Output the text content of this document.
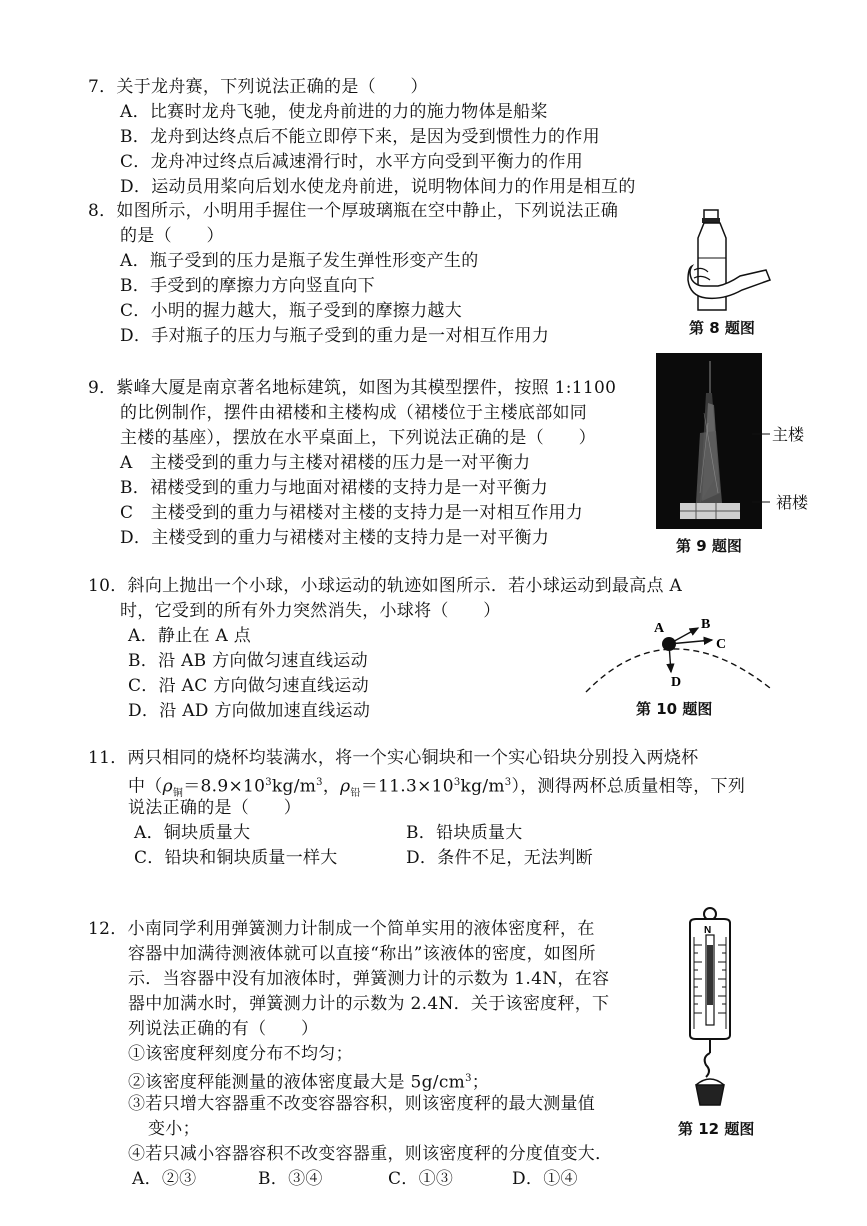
7．关于龙舟赛，下列说法正确的是（　　）
A．比赛时龙舟飞驰，使龙舟前进的力的施力物体是船桨
B．龙舟到达终点后不能立即停下来，是因为受到惯性力的作用
C．龙舟冲过终点后减速滑行时，水平方向受到平衡力的作用
D．运动员用桨向后划水使龙舟前进，说明物体间力的作用是相互的
8．如图所示，小明用手握住一个厚玻璃瓶在空中静止，下列说法正确
的是（　　）
A．瓶子受到的压力是瓶子发生弹性形变产生的
B．手受到的摩擦力方向竖直向下
C．小明的握力越大，瓶子受到的摩擦力越大
D．手对瓶子的压力与瓶子受到的重力是一对相互作用力	第 8 题图
9．紫峰大厦是南京著名地标建筑，如图为其模型摆件，按照 1:1100
的比例制作，摆件由裙楼和主楼构成（裙楼位于主楼底部如同
主楼的基座），摆放在水平桌面上，下列说法正确的是（　　）
A　主楼受到的重力与主楼对裙楼的压力是一对平衡力
B．裙楼受到的重力与地面对裙楼的支持力是一对平衡力
C　主楼受到的重力与裙楼对主楼的支持力是一对相互作用力
D．主楼受到的重力与裙楼对主楼的支持力是一对平衡力
主楼
裙楼
第 9 题图
10．斜向上抛出一个小球，小球运动的轨迹如图所示．若小球运动到最高点 A
时，它受到的所有外力突然消失，小球将（　　）
A．静止在 A 点
B．沿 AB 方向做匀速直线运动
C．沿 AC 方向做匀速直线运动
D．沿 AD 方向做加速直线运动
A	B
C
D
第 10 题图
11．两只相同的烧杯均装满水，将一个实心铜块和一个实心铅块分别投入两烧杯
中（$\rho_铜=8.9\times 10^3kg/m^3$，$\rho_铅=11.3\times 10^3kg/m^3$），测得两杯总质量相等，下列
说法正确的是（　　）
A．铜块质量大	B．铅块质量大
C．铅块和铜块质量一样大	D．条件不足，无法判断
12．小南同学利用弹簧测力计制成一个简单实用的液体密度秤，在
容器中加满待测液体就可以直接“称出”该液体的密度，如图所
示．当容器中没有加液体时，弹簧测力计的示数为 1.4N，在容
器中加满水时，弹簧测力计的示数为 2.4N．关于该密度秤，下
列说法正确的有（　　）
①该密度秤刻度分布不均匀；
②该密度秤能测量的液体密度最大是 $5g/cm^3$；
③若只增大容器重不改变容器容积，则该密度秤的最大测量值
变小；
④若只减小容器容积不改变容器重，则该密度秤的分度值变大．
A．②③	B．③④	C．①③	D．①④
N
第 12 题图
